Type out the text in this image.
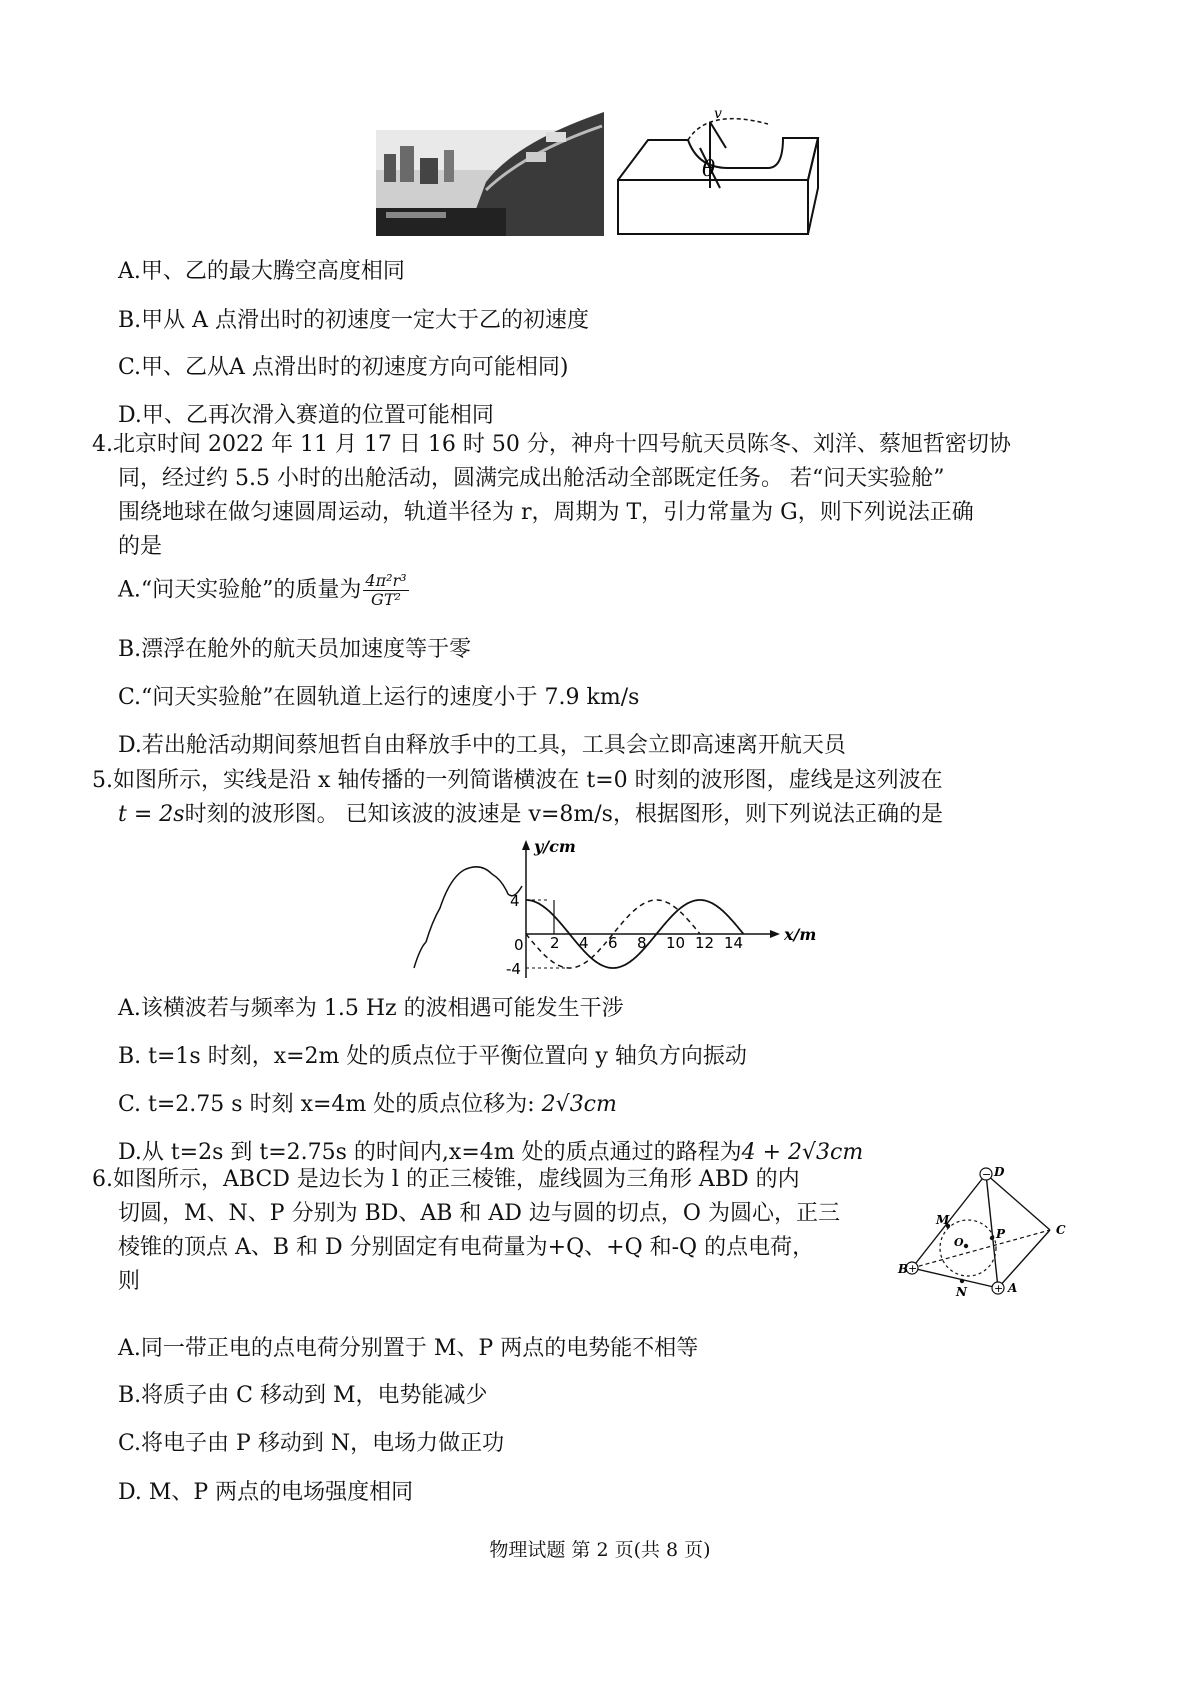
θ
v
A.甲、乙的最大腾空高度相同
B.甲从 A 点滑出时的初速度一定大于乙的初速度
C.甲、乙从A 点滑出时的初速度方向可能相同)
D.甲、乙再次滑入赛道的位置可能相同
4.北京时间 2022 年 11 月 17 日 16 时 50 分，神舟十四号航天员陈冬、刘洋、蔡旭哲密切协
同，经过约 5.5 小时的出舱活动，圆满完成出舱活动全部既定任务。 若“问天实验舱”
围绕地球在做匀速圆周运动，轨道半径为 r，周期为 T，引力常量为 G，则下列说法正确
的是
A.“问天实验舱”的质量为 $\frac{\text{4π²r³}}{\text{GT²}}$
B.漂浮在舱外的航天员加速度等于零
C.“问天实验舱”在圆轨道上运行的速度小于 7.9 km/s
D.若出舱活动期间蔡旭哲自由释放手中的工具，工具会立即高速离开航天员
5.如图所示，实线是沿 x 轴传播的一列简谐横波在 t=0 时刻的波形图，虚线是这列波在
t = 2s时刻的波形图。 已知该波的波速是 v=8m/s，根据图形，则下列说法正确的是
y/cm
x/m
4
-4
0 2 4 6 8 10 12 14
A.该横波若与频率为 1.5 Hz 的波相遇可能发生干涉
B. t=1s 时刻，x=2m 处的质点位于平衡位置向 y 轴负方向振动
C. t=2.75 s 时刻 x=4m 处的质点位移为: 2√3cm
D.从 t=2s 到 t=2.75s 的时间内,x=4m 处的质点通过的路程为4 + 2√3cm
6.如图所示，ABCD 是边长为 l 的正三棱锥，虚线圆为三角形 ABD 的内
切圆，M、N、P 分别为 BD、AB 和 AD 边与圆的切点，O 为圆心，正三
棱锥的顶点 A、B 和 D 分别固定有电荷量为+Q、+Q 和-Q 的点电荷，
则
−
+
+
D
M
O
P	C
B
N	A
A.同一带正电的点电荷分别置于 M、P 两点的电势能不相等
B.将质子由 C 移动到 M，电势能减少
C.将电子由 P 移动到 N，电场力做正功
D. M、P 两点的电场强度相同
物理试题 第 2 页(共 8 页)
